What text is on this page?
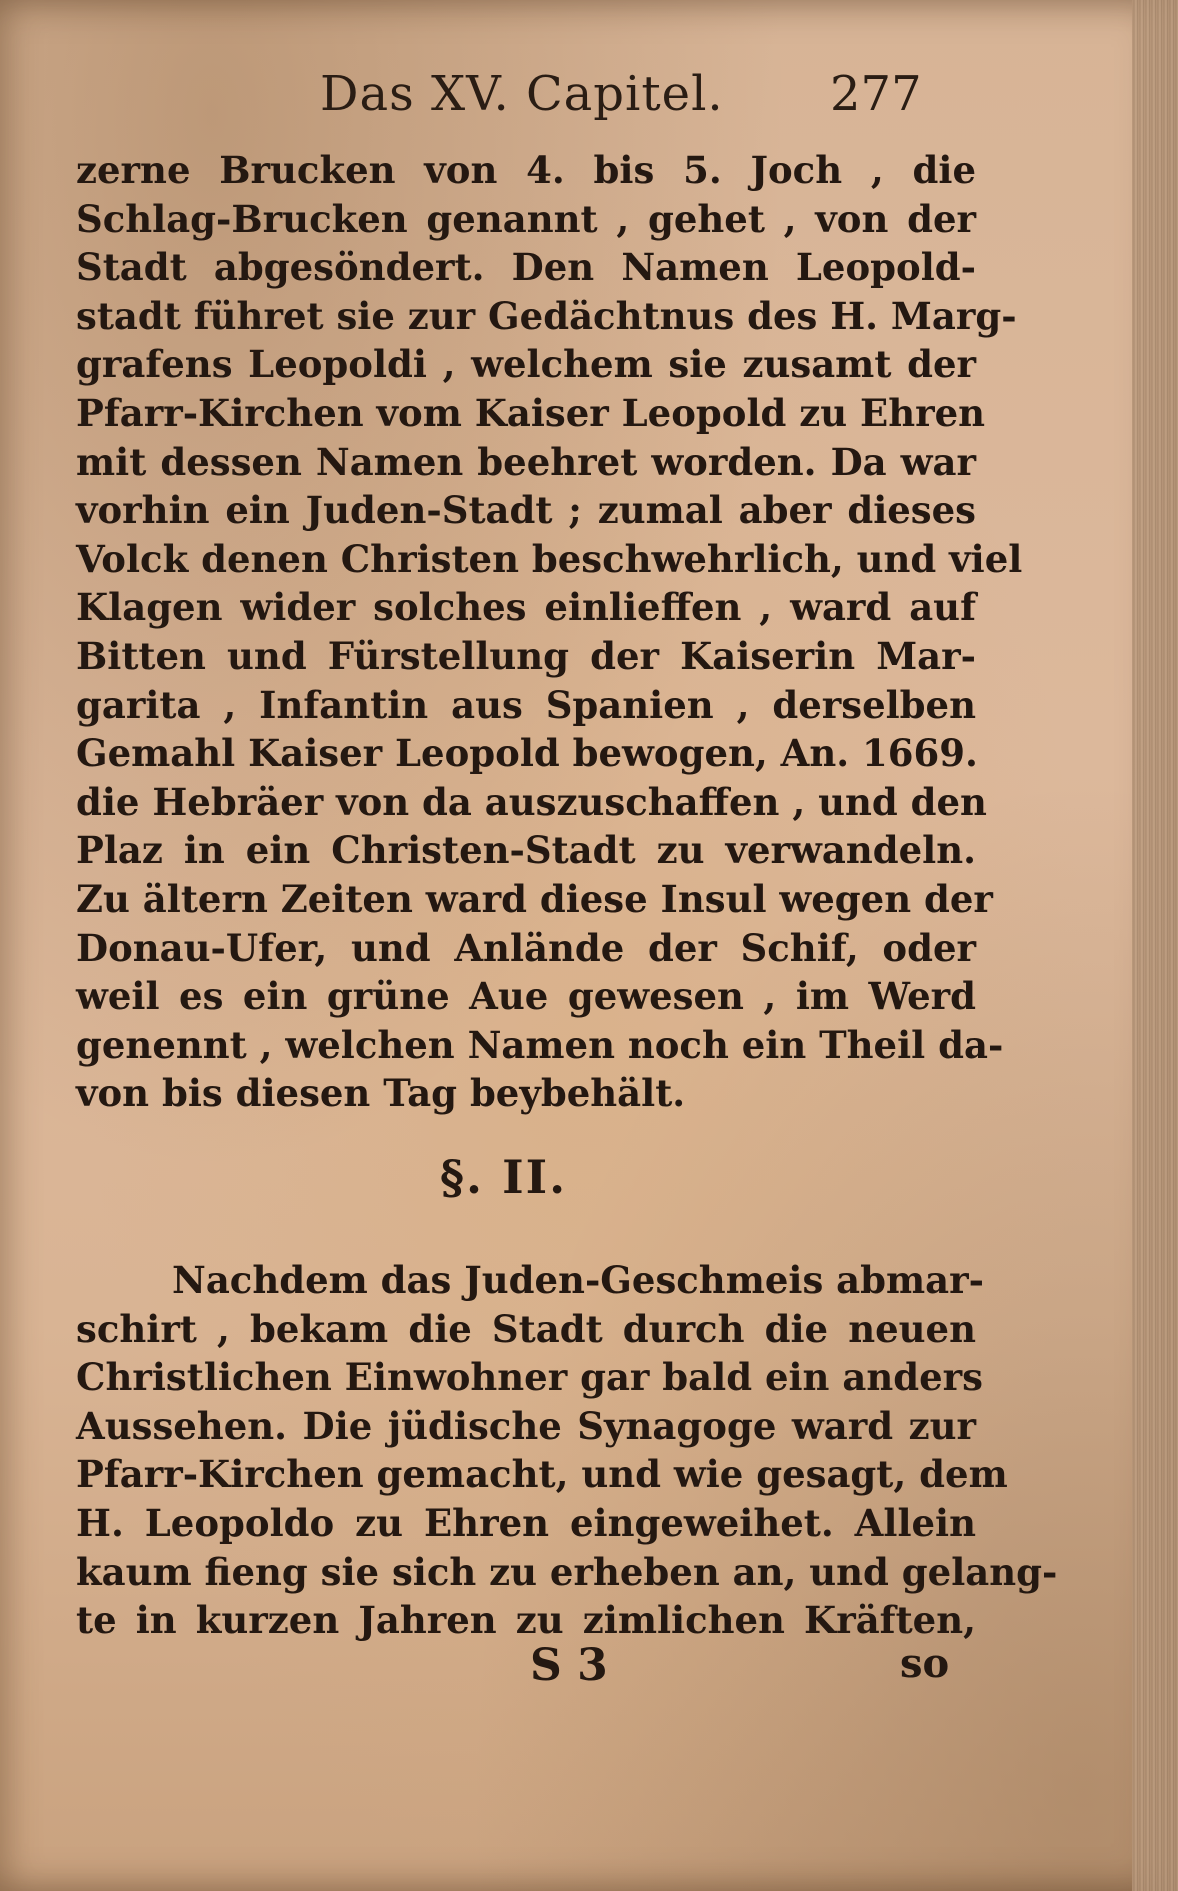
Das XV. Capitel. 277
zerne Brucken von 4. bis 5. Joch , die
Schlag-Brucken genannt , gehet , von der
Stadt abgesöndert. Den Namen Leopold-
stadt führet sie zur Gedächtnus des H. Marg-
grafens Leopoldi , welchem sie zusamt der
Pfarr-Kirchen vom Kaiser Leopold zu Ehren
mit dessen Namen beehret worden. Da war
vorhin ein Juden-Stadt ; zumal aber dieses
Volck denen Christen beschwehrlich, und viel
Klagen wider solches einlieffen , ward auf
Bitten und Fürstellung der Kaiserin Mar-
garita , Infantin aus Spanien , derselben
Gemahl Kaiser Leopold bewogen, An. 1669.
die Hebräer von da auszuschaffen , und den
Plaz in ein Christen-Stadt zu verwandeln.
Zu ältern Zeiten ward diese Insul wegen der
Donau-Ufer, und Anlände der Schif, oder
weil es ein grüne Aue gewesen , im Werd
genennt , welchen Namen noch ein Theil da-
von bis diesen Tag beybehält.
§. II.
Nachdem das Juden-Geschmeis abmar-
schirt , bekam die Stadt durch die neuen
Christlichen Einwohner gar bald ein anders
Aussehen. Die jüdische Synagoge ward zur
Pfarr-Kirchen gemacht, und wie gesagt, dem
H. Leopoldo zu Ehren eingeweihet. Allein
kaum fieng sie sich zu erheben an, und gelang-
te in kurzen Jahren zu zimlichen Kräften,
S 3	so
